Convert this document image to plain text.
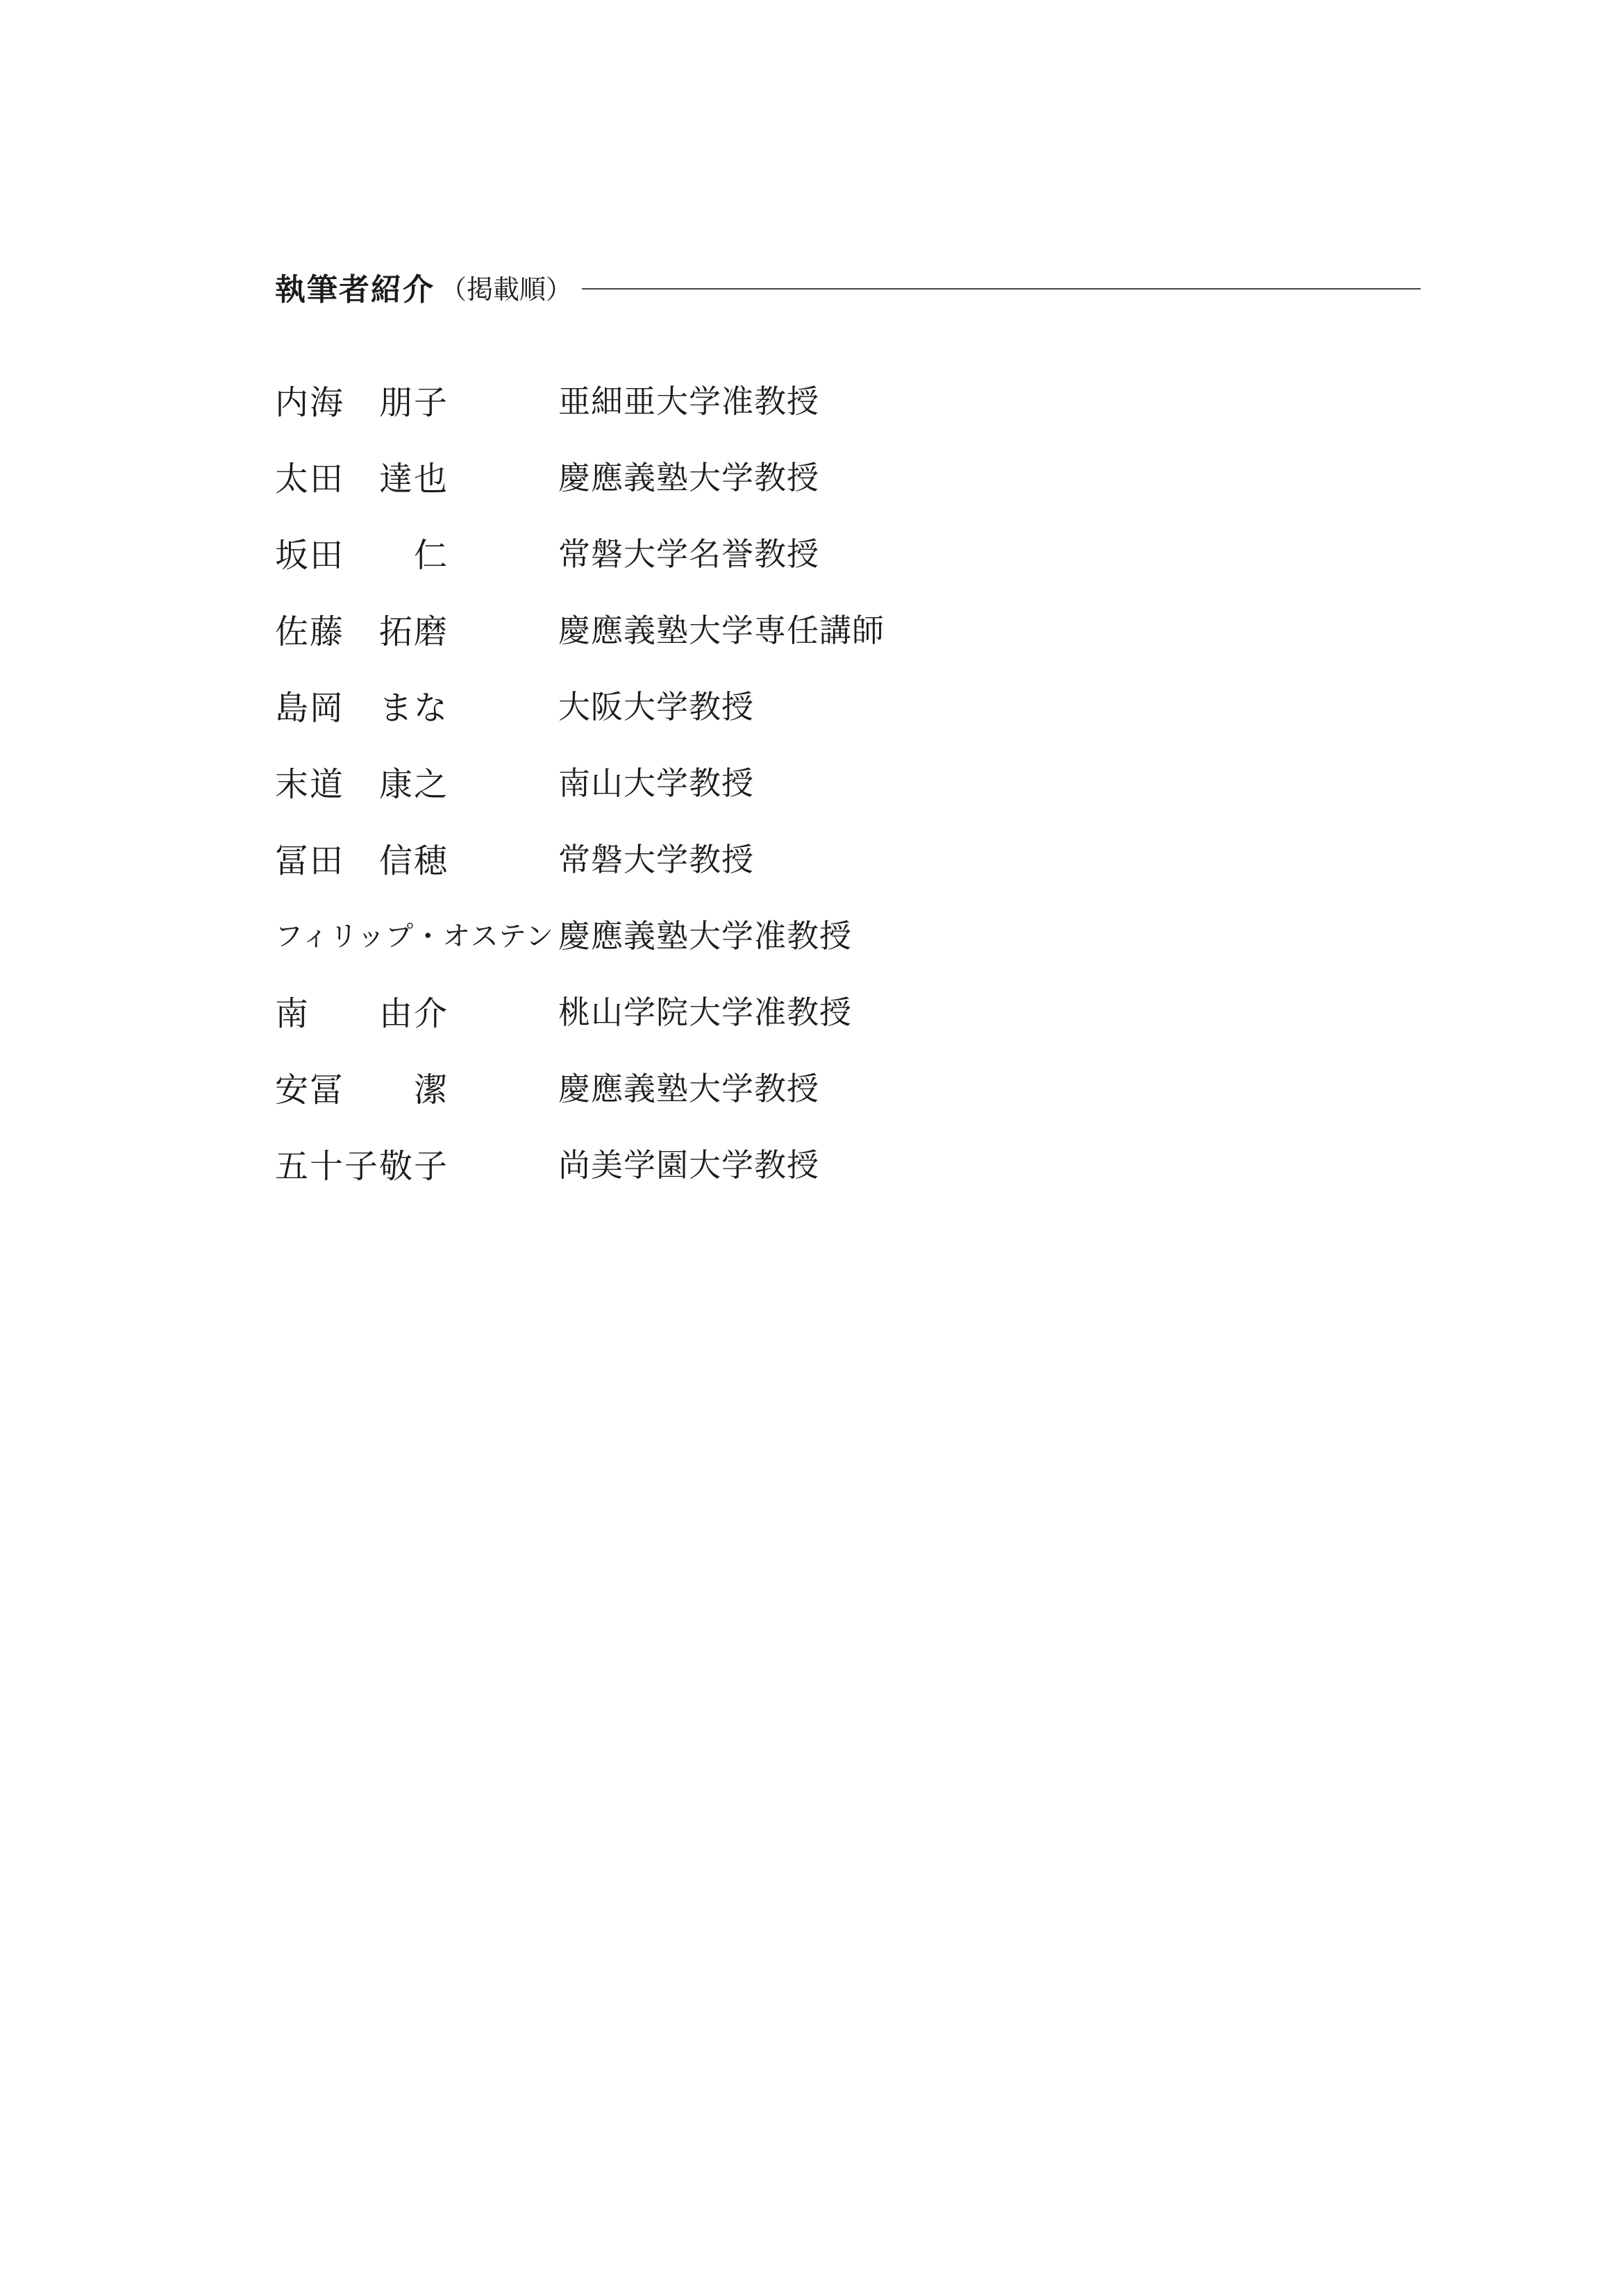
執筆者紹介 （掲載順）
内海　朋子	亜細亜大学准教授
太田　達也	慶應義塾大学教授
坂田　　仁	常磐大学名誉教授
佐藤　拓磨	慶應義塾大学専任講師
島岡　まな	大阪大学教授
末道　康之	南山大学教授
冨田　信穂	常磐大学教授
フィリップ・オステン 慶應義塾大学准教授
南　　由介	桃山学院大学准教授
安冨　　潔	慶應義塾大学教授
五十子敬子	尚美学園大学教授
